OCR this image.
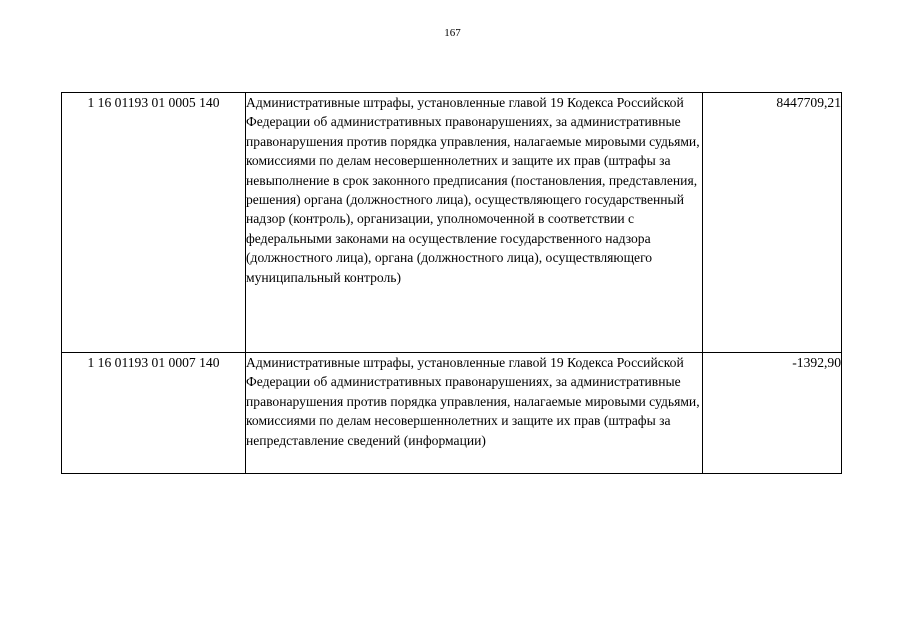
167
1 16 01193 01 0005 140	Административные штрафы, установленные главой 19 Кодекса Российской Федерации об административных правонарушениях, за административные правонарушения против порядка управления, налагаемые мировыми судьями, комиссиями по делам несовершеннолетних и защите их прав (штрафы за невыполнение в срок законного предписания (постановления, представления, решения) органа (должностного лица), осуществляющего государственный надзор (контроль), организации, уполномоченной в соответствии с федеральными законами на осуществление государственного надзора (должностного лица), органа (должностного лица), осуществляющего муниципальный контроль)	8447709,21
1 16 01193 01 0007 140	Административные штрафы, установленные главой 19 Кодекса Российской Федерации об административных правонарушениях, за административные правонарушения против порядка управления, налагаемые мировыми судьями, комиссиями по делам несовершеннолетних и защите их прав (штрафы за непредставление сведений (информации)	-1392,90
